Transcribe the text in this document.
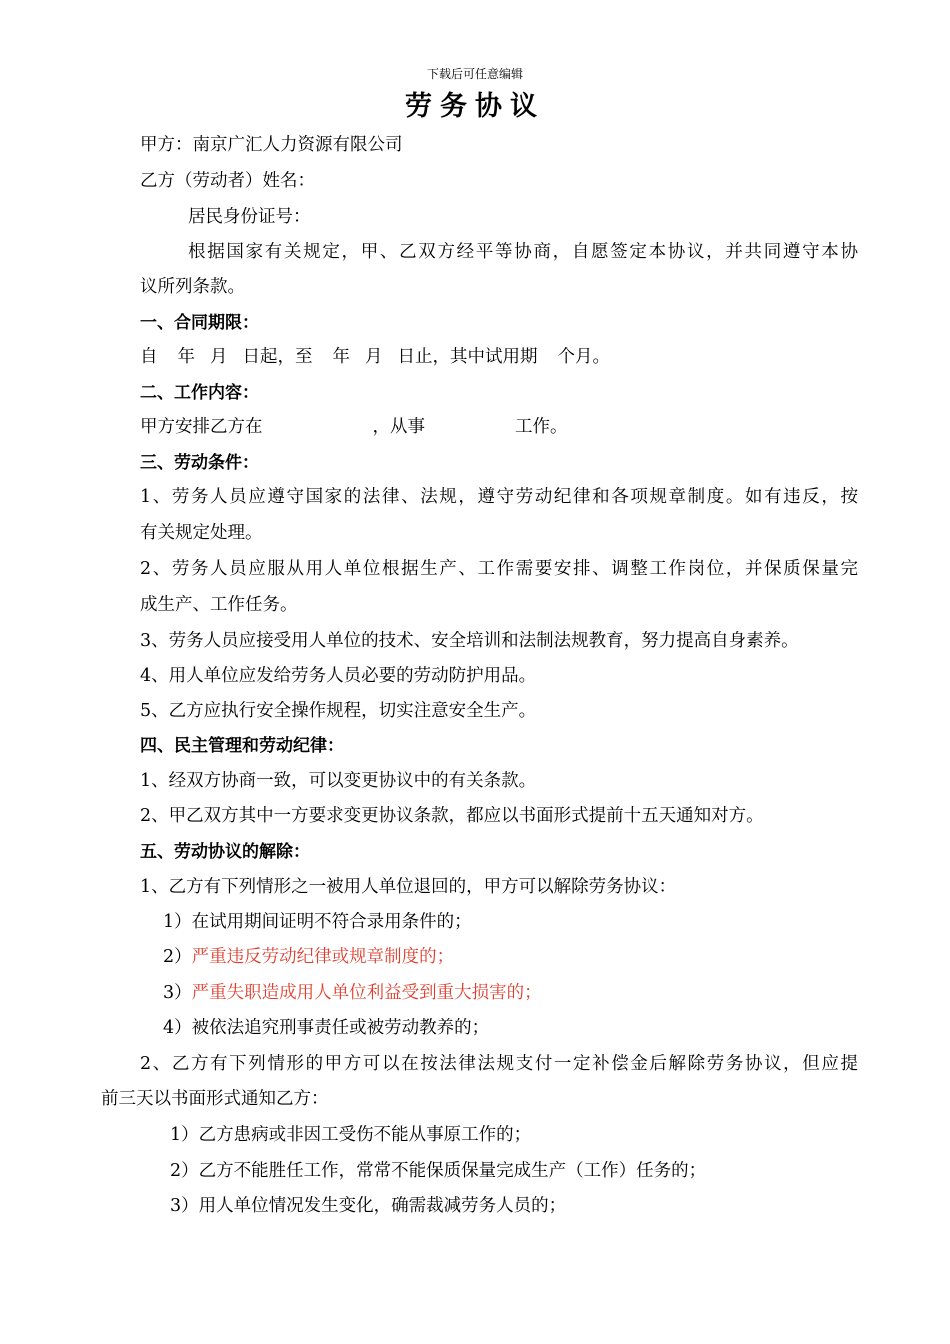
下载后可任意编辑
劳务协议
甲方：南京广汇人力资源有限公司
乙方（劳动者）姓名：
居民身份证号：
根据国家有关规定，甲、乙双方经平等协商，自愿签定本协议，并共同遵守本协
议所列条款。
一、合同期限：
自 年 月 日起，至 年 月 日止，其中试用期 个月。
二、工作内容：
甲方安排乙方在	，从事	工作。
三、劳动条件：
1、劳务人员应遵守国家的法律、法规，遵守劳动纪律和各项规章制度。如有违反，按
有关规定处理。
2、劳务人员应服从用人单位根据生产、工作需要安排、调整工作岗位，并保质保量完
成生产、工作任务。
3、劳务人员应接受用人单位的技术、安全培训和法制法规教育，努力提高自身素养。
4、用人单位应发给劳务人员必要的劳动防护用品。
5、乙方应执行安全操作规程，切实注意安全生产。
四、民主管理和劳动纪律：
1、经双方协商一致，可以变更协议中的有关条款。
2、甲乙双方其中一方要求变更协议条款，都应以书面形式提前十五天通知对方。
五、劳动协议的解除：
1、乙方有下列情形之一被用人单位退回的，甲方可以解除劳务协议：
1）在试用期间证明不符合录用条件的；
2）严重违反劳动纪律或规章制度的；
3）严重失职造成用人单位利益受到重大损害的；
4）被依法追究刑事责任或被劳动教养的；
2、乙方有下列情形的甲方可以在按法律法规支付一定补偿金后解除劳务协议，但应提
前三天以书面形式通知乙方：
1）乙方患病或非因工受伤不能从事原工作的；
2）乙方不能胜任工作，常常不能保质保量完成生产（工作）任务的；
3）用人单位情况发生变化，确需裁减劳务人员的；
